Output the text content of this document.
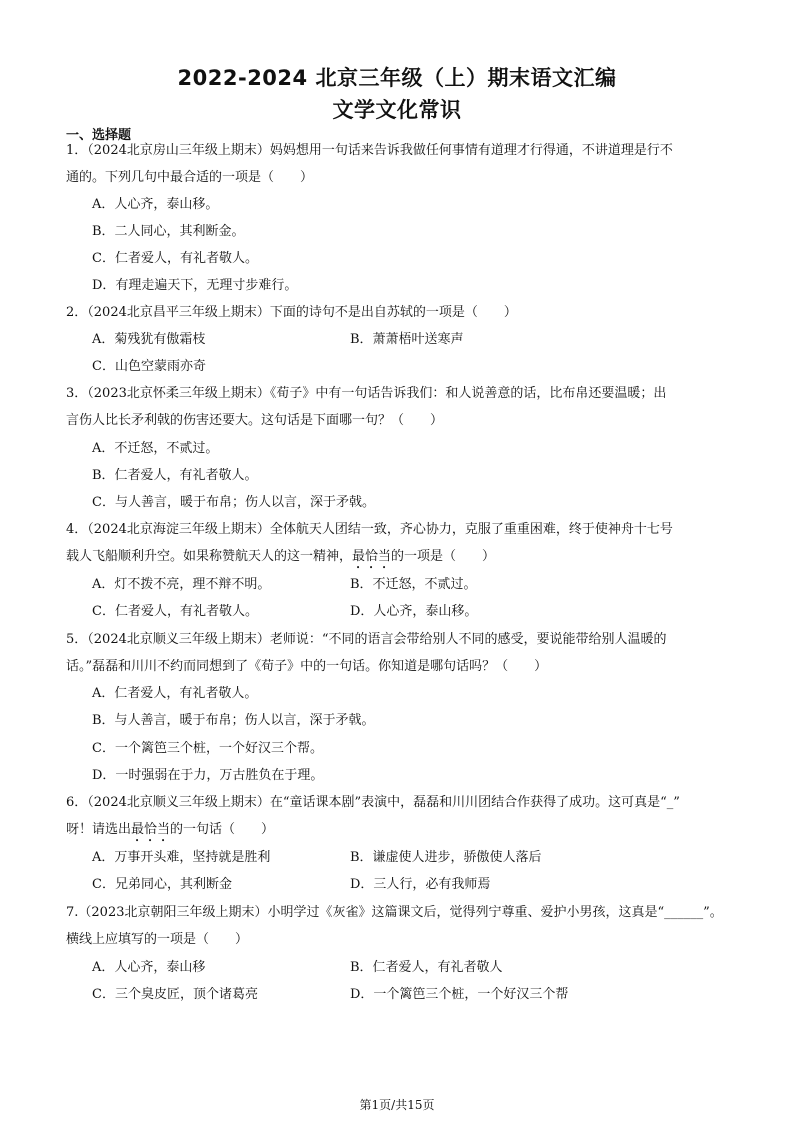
2022-2024 北京三年级（上）期末语文汇编
文学文化常识
一、选择题
1．（2024北京房山三年级上期末）妈妈想用一句话来告诉我做任何事情有道理才行得通，不讲道理是行不
通的。下列几句中最合适的一项是（　　）
A．人心齐，泰山移。
B．二人同心，其利断金。
C．仁者爱人，有礼者敬人。
D．有理走遍天下，无理寸步难行。
2．（2024北京昌平三年级上期末）下面的诗句不是出自苏轼的一项是（　　）
A．菊残犹有傲霜枝	B．萧萧梧叶送寒声
C．山色空蒙雨亦奇
3．（2023北京怀柔三年级上期末）《荀子》中有一句话告诉我们：和人说善意的话，比布帛还要温暖；出
言伤人比长矛利戟的伤害还要大。这句话是下面哪一句？（　　）
A．不迁怒，不贰过。
B．仁者爱人，有礼者敬人。
C．与人善言，暖于布帛；伤人以言，深于矛戟。
4．（2024北京海淀三年级上期末）全体航天人团结一致，齐心协力，克服了重重困难，终于使神舟十七号
载人飞船顺利升空。如果称赞航天人的这一精神，最恰当的一项是（　　）
A．灯不拨不亮，理不辩不明。	B．不迁怒，不贰过。
C．仁者爱人，有礼者敬人。	D．人心齐，泰山移。
5．（2024北京顺义三年级上期末）老师说：“不同的语言会带给别人不同的感受，要说能带给别人温暖的
话。”磊磊和川川不约而同想到了《荀子》中的一句话。你知道是哪句话吗？（　　）
A．仁者爱人，有礼者敬人。
B．与人善言，暖于布帛；伤人以言，深于矛戟。
C．一个篱笆三个桩，一个好汉三个帮。
D．一时强弱在于力，万古胜负在于理。
6．（2024北京顺义三年级上期末）在“童话课本剧”表演中，磊磊和川川团结合作获得了成功。这可真是“_”
呀！请选出最恰当的一句话（　　）
A．万事开头难，坚持就是胜利	B．谦虚使人进步，骄傲使人落后
C．兄弟同心，其利断金	D．三人行，必有我师焉
7.（2023北京朝阳三年级上期末）小明学过《灰雀》这篇课文后，觉得列宁尊重、爱护小男孩，这真是“______”。
横线上应填写的一项是（　　）
A．人心齐，泰山移	B．仁者爱人，有礼者敬人
C．三个臭皮匠，顶个诸葛亮	D．一个篱笆三个桩，一个好汉三个帮
第1页/共15页
